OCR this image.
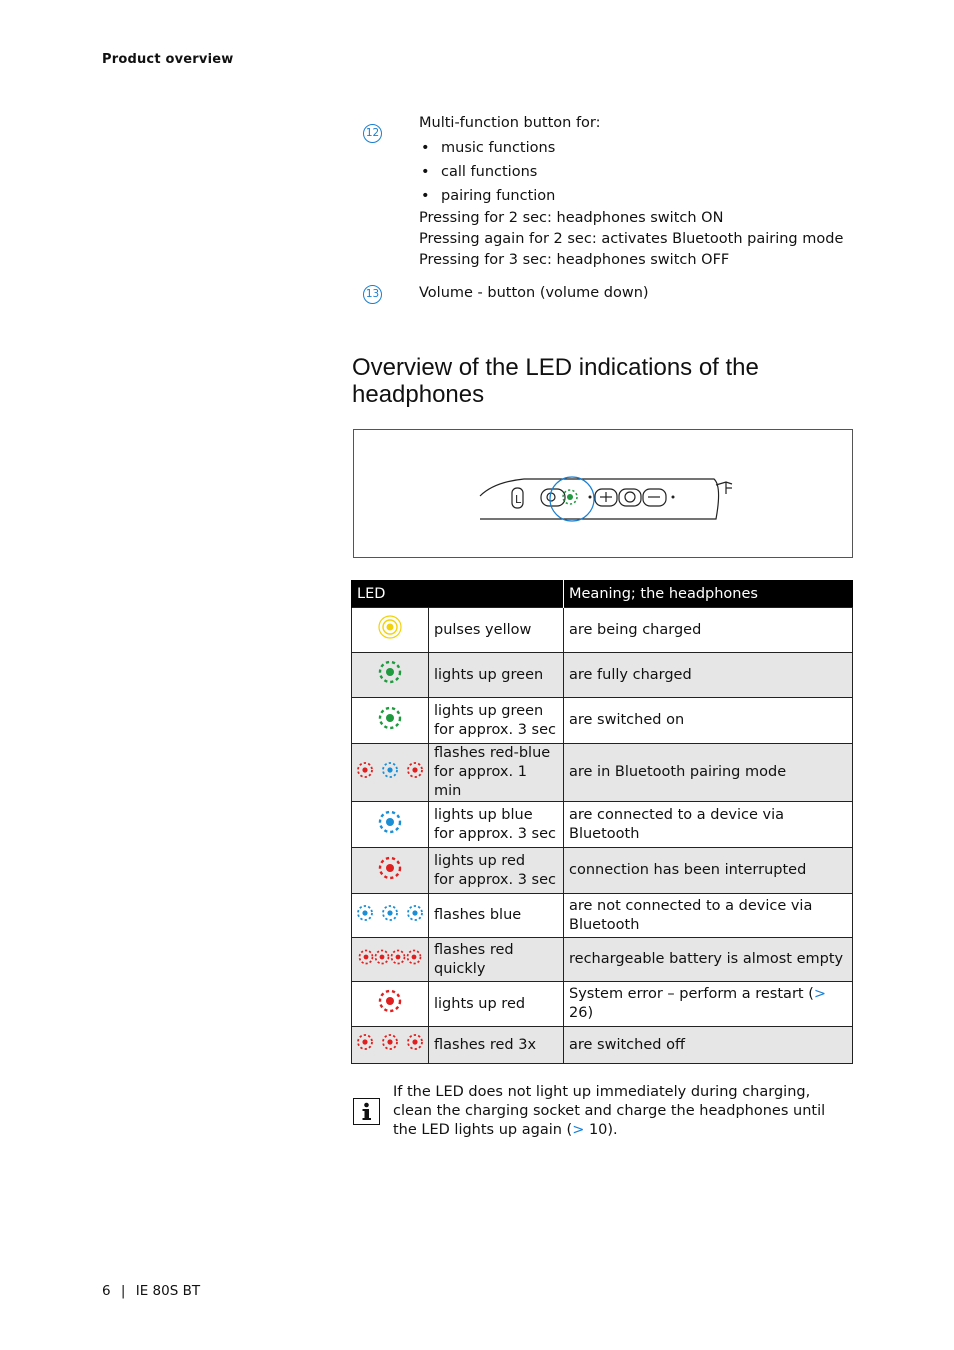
Product overview
12
Multi-function button for:
• music functions
• call functions
• pairing function
Pressing for 2 sec: headphones switch ON
Pressing again for 2 sec: activates Bluetooth pairing mode
Pressing for 3 sec: headphones switch OFF
13	Volume - button (volume down)
Overview of the LED indications of the headphones
L
LED		Meaning; the headphones

pulses yellow	are being charged

lights up green	are fully charged

lights up green
for approx. 3 sec	are switched on

flashes red-blue
for approx. 1 min	are in Bluetooth pairing mode

lights up blue
for approx. 3 sec	are connected to a device via Bluetooth

lights up red
for approx. 3 sec	connection has been interrupted

flashes blue	are not connected to a device via Bluetooth

flashes red
quickly	rechargeable battery is almost empty

lights up red	System error – perform a restart (> 26)

flashes red 3x	are switched off
If the LED does not light up immediately during charging, clean the charging socket and charge the headphones until the LED lights up again (> 10).
6 | IE 80S BT
